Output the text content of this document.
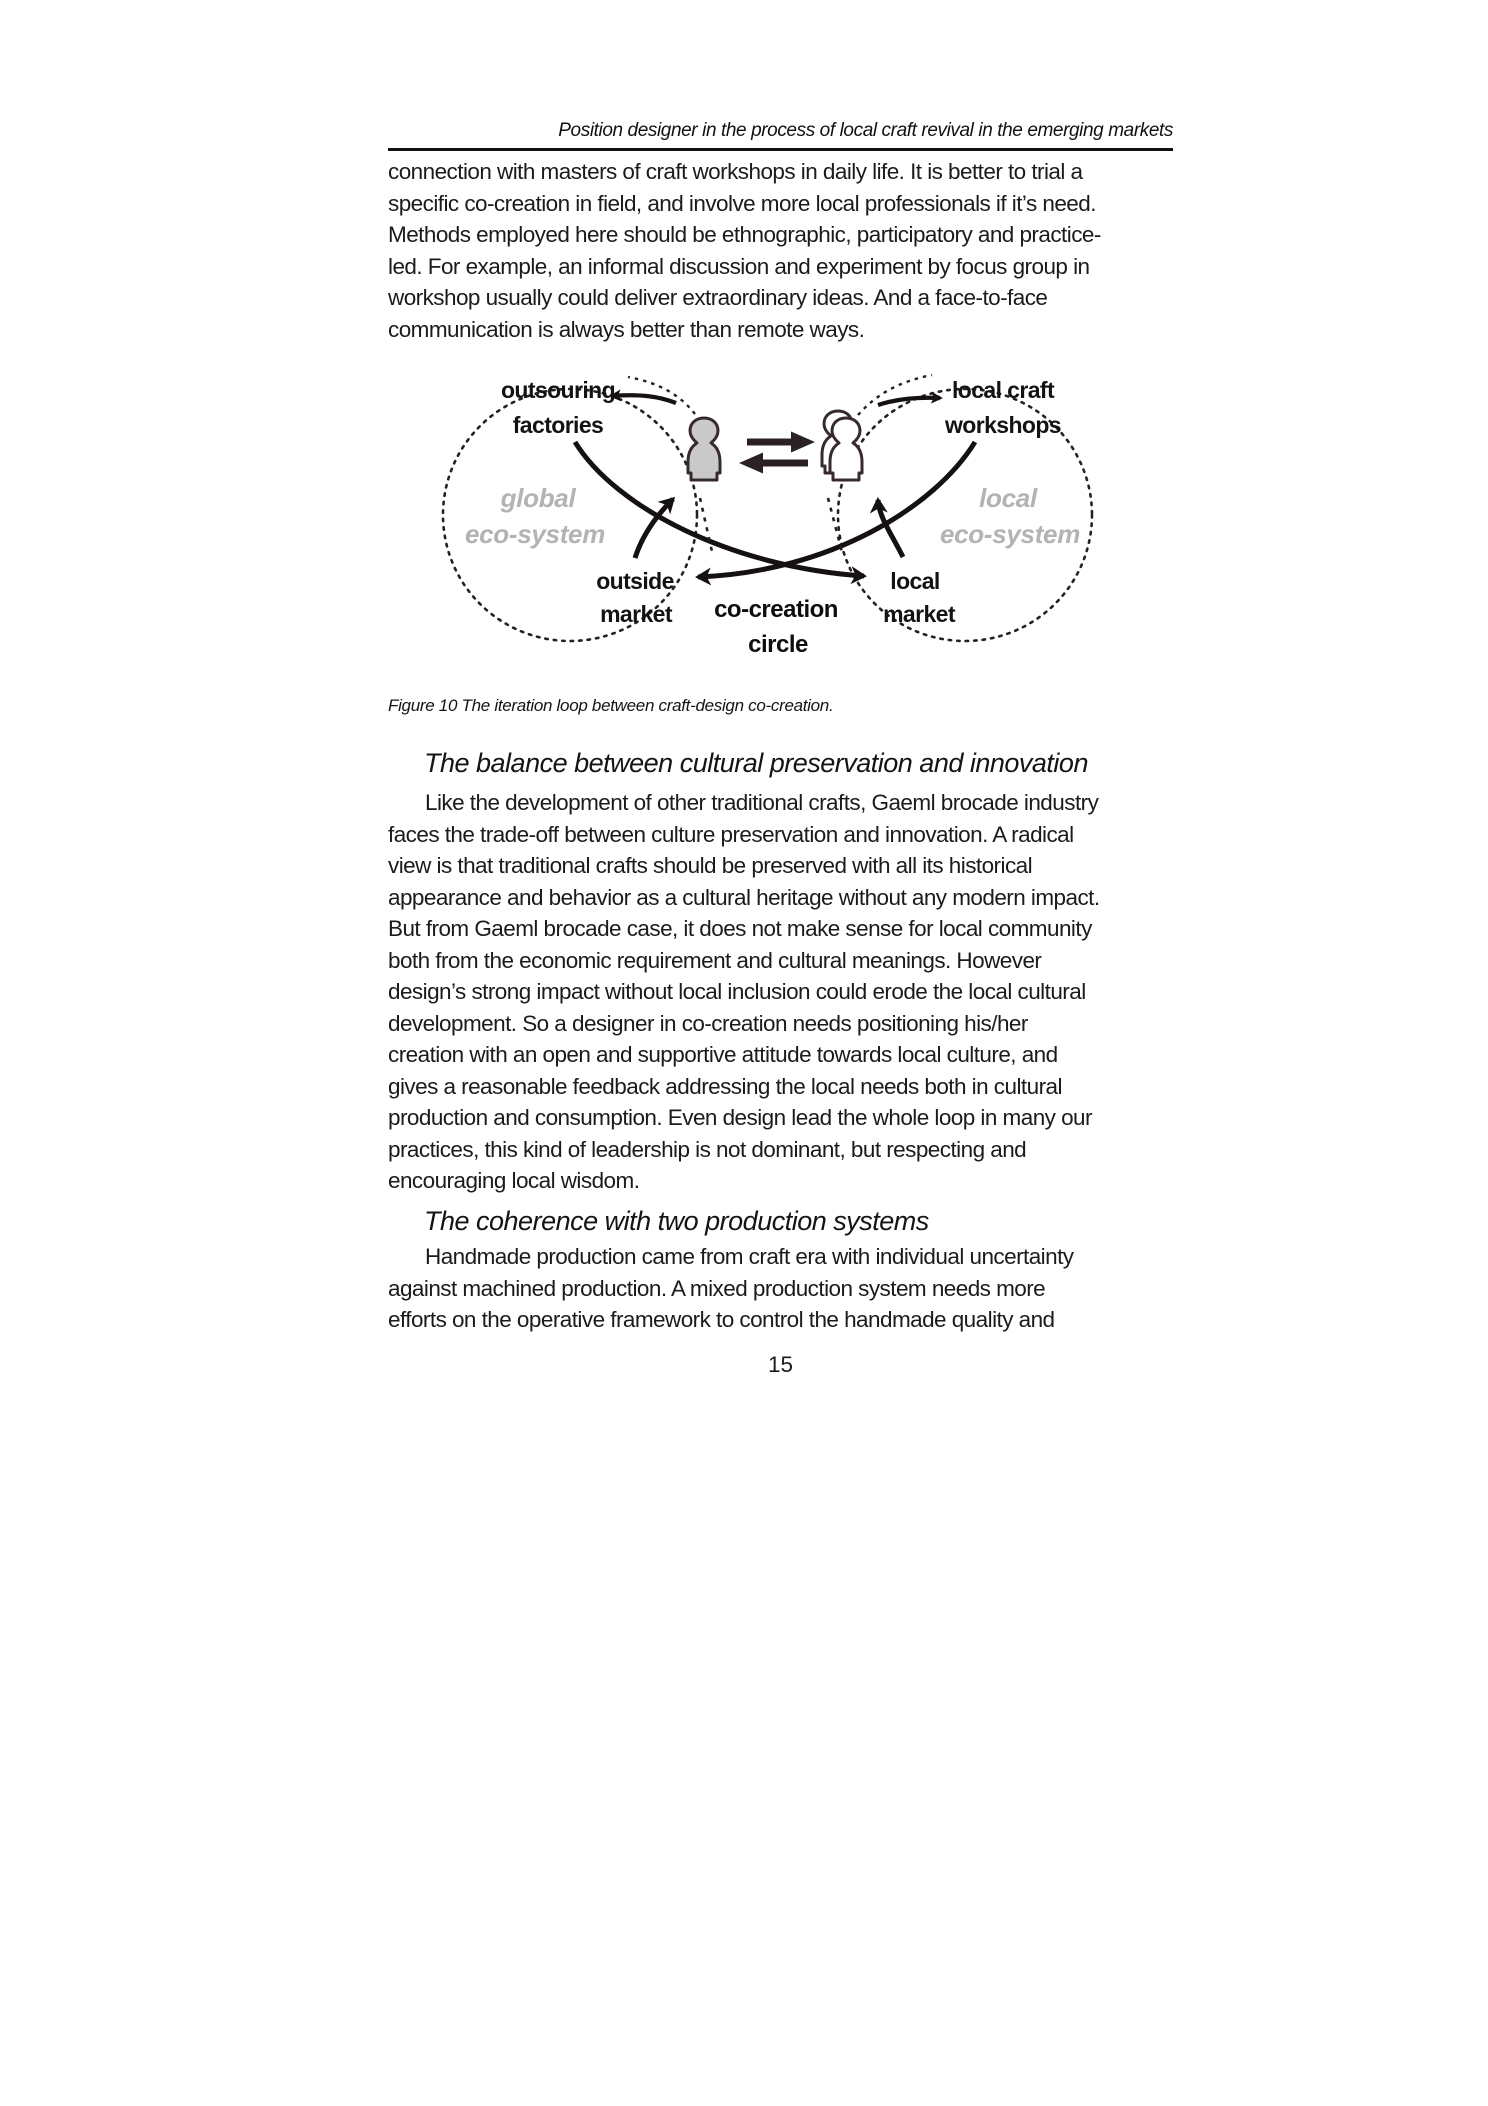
Position designer in the process of local craft revival in the emerging markets
connection with masters of craft workshops in daily life. It is better to trial a
specific co-creation in field, and involve more local professionals if it’s need.
Methods employed here should be ethnographic, participatory and practice-
led. For example, an informal discussion and experiment by focus group in
workshop usually could deliver extraordinary ideas. And a face-to-face
communication is always better than remote ways.
outsouring
factories
local craft
workshops
global
eco-system
local
eco-system
outside
market co-creation
circle
local
market
Figure 10 The iteration loop between craft-design co-creation.
The balance between cultural preservation and innovation
Like the development of other traditional crafts, Gaeml brocade industry
faces the trade-off between culture preservation and innovation. A radical
view is that traditional crafts should be preserved with all its historical
appearance and behavior as a cultural heritage without any modern impact.
But from Gaeml brocade case, it does not make sense for local community
both from the economic requirement and cultural meanings. However
design’s strong impact without local inclusion could erode the local cultural
development. So a designer in co-creation needs positioning his/her
creation with an open and supportive attitude towards local culture, and
gives a reasonable feedback addressing the local needs both in cultural
production and consumption. Even design lead the whole loop in many our
practices, this kind of leadership is not dominant, but respecting and
encouraging local wisdom.
The coherence with two production systems
Handmade production came from craft era with individual uncertainty
against machined production. A mixed production system needs more
efforts on the operative framework to control the handmade quality and
15
